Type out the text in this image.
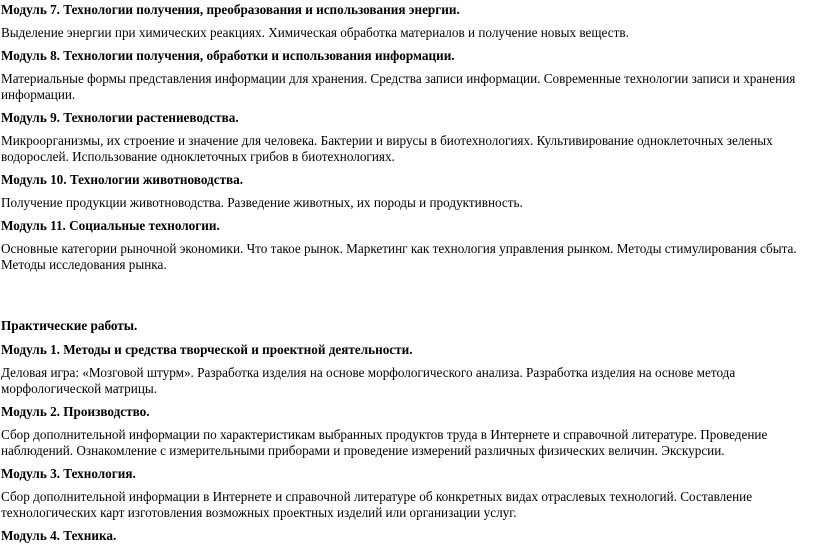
Модуль 7. Технологии получения, преобразования и использования энергии.
Выделение энергии при химических реакциях. Химическая обработка материалов и получение новых веществ.
Модуль 8. Технологии получения, обработки и использования информации.
Материальные формы представления информации для хранения. Средства записи информации. Современные технологии записи и хранения информации.
Модуль 9. Технологии растениеводства.
Микроорганизмы, их строение и значение для человека. Бактерии и вирусы в биотехнологиях. Культивирование одноклеточных зеленых водорослей. Использование одноклеточных грибов в биотехнологиях.
Модуль 10. Технологии животноводства.
Получение продукции животноводства. Разведение животных, их породы и продуктивность.
Модуль 11. Социальные технологии.
Основные категории рыночной экономики. Что такое рынок. Маркетинг как технология управления рынком. Методы стимулирования сбыта. Методы исследования рынка.
Практические работы.
Модуль 1. Методы и средства творческой и проектной деятельности.
Деловая игра: «Мозговой штурм». Разработка изделия на основе морфологического анализа. Разработка изделия на основе метода морфологической матрицы.
Модуль 2. Производство.
Сбор дополнительной информации по характеристикам выбранных продуктов труда в Интернете и справочной литературе. Проведение наблюдений. Ознакомление с измерительными приборами и проведение измерений различных физических величин. Экскурсии.
Модуль 3. Технология.
Сбор дополнительной информации в Интернете и справочной литературе об конкретных видах отраслевых технологий. Составление технологических карт изготовления возможных проектных изделий или организации услуг.
Модуль 4. Техника.
